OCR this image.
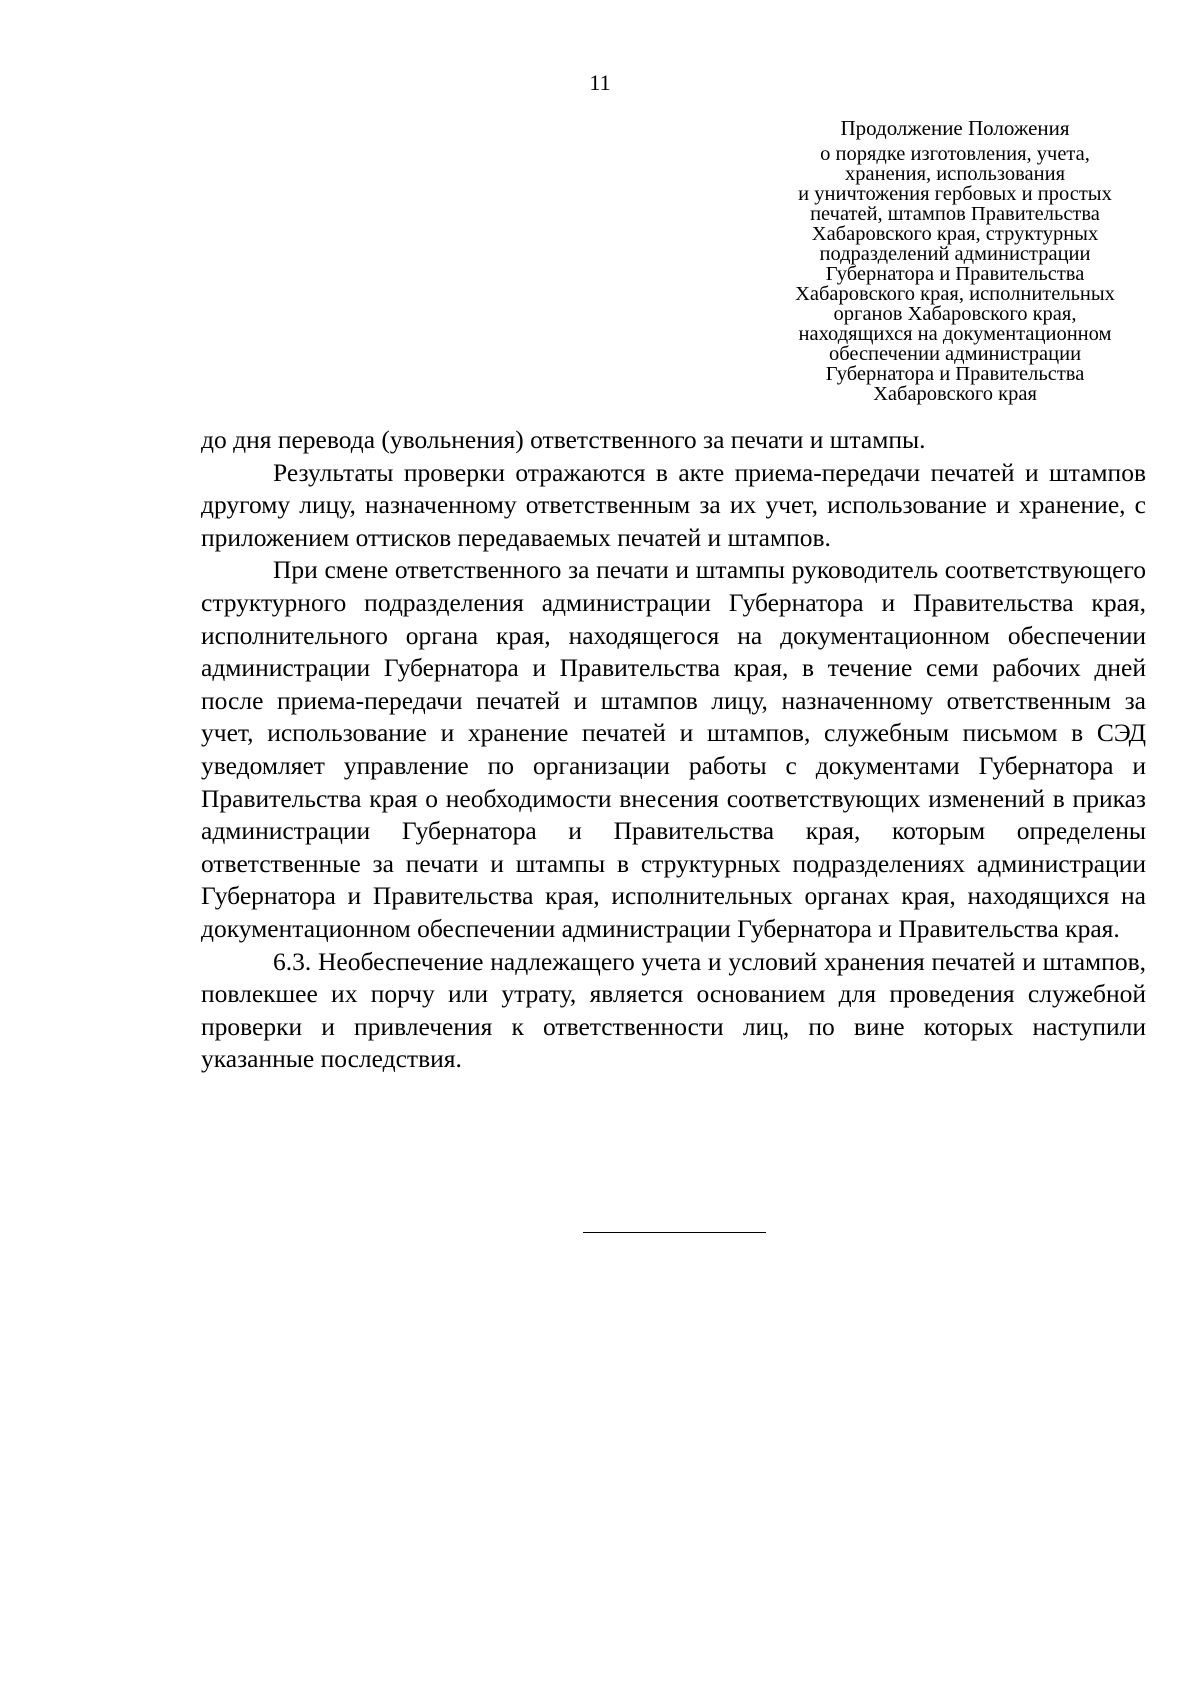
11
Продолжение Положения
о порядке изготовления, учета,
хранения, использования
и уничтожения гербовых и простых
печатей, штампов Правительства
Хабаровского края, структурных
подразделений администрации
Губернатора и Правительства
Хабаровского края, исполнительных
органов Хабаровского края,
находящихся на документационном
обеспечении администрации
Губернатора и Правительства
Хабаровского края

до дня перевода (увольнения) ответственного за печати и штампы.

Результаты проверки отражаются в акте приема-передачи печатей и штампов другому лицу, назначенному ответственным за их учет, использование и хранение, с приложением оттисков передаваемых печатей и штампов.

При смене ответственного за печати и штампы руководитель соответствующего структурного подразделения администрации Губернатора и Правительства края, исполнительного органа края, находящегося на документационном обеспечении администрации Губернатора и Правительства края, в течение семи рабочих дней после приема-передачи печатей и штампов лицу, назначенному ответственным за учет, использование и хранение печатей и штампов, служебным письмом в СЭД уведомляет управление по организации работы с документами Губернатора и Правительства края о необходимости внесения соответствующих изменений в приказ администрации Губернатора и Правительства края, которым определены ответственные за печати и штампы в структурных подразделениях администрации Губернатора и Правительства края, исполнительных органах края, находящихся на документационном обеспечении администрации Губернатора и Правительства края.

6.3. Необеспечение надлежащего учета и условий хранения печатей и штампов, повлекшее их порчу или утрату, является основанием для проведения служебной проверки и привлечения к ответственности лиц, по вине которых наступили указанные последствия.
